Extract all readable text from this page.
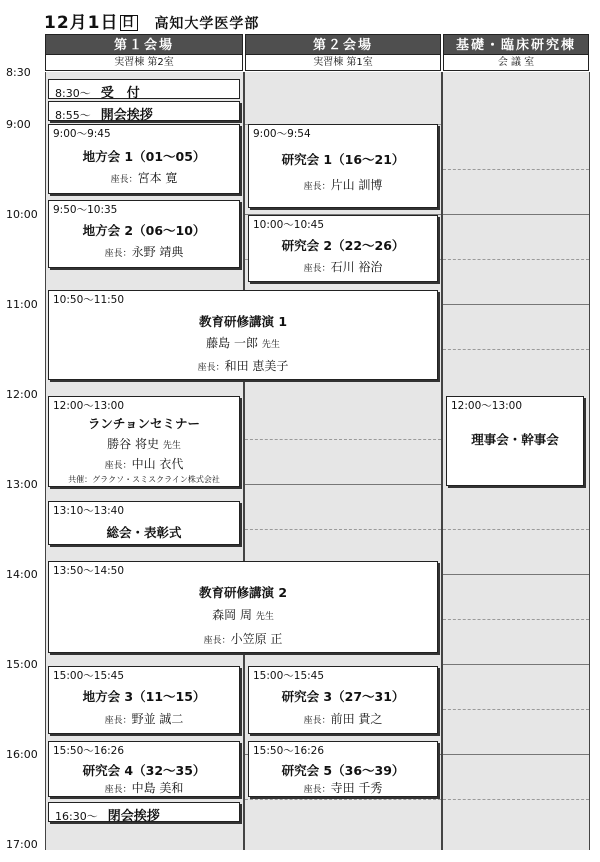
12月1日 日 高知大学医学部
第１会場
実習棟 第2室
第２会場
実習棟 第1室
基礎・臨床研究棟
会 議 室
8:30
9:00
10:00
11:00
12:00
13:00
14:00
15:00
16:00
17:00
8:30〜 受　付
8:55〜 開会挨拶
9:00〜9:45
地方会 1（01〜05）
座長：宮本 寛
9:50〜10:35
地方会 2（06〜10）
座長：永野 靖典
9:00〜9:54
研究会 1（16〜21）
座長：片山 訓博
10:00〜10:45
研究会 2（22〜26）
座長：石川 裕治
10:50〜11:50
教育研修講演 1
藤島 一郎 先生
座長：和田 恵美子
12:00〜13:00
ランチョンセミナー
勝谷 将史 先生
座長：中山 衣代
共催：グラクソ・スミスクライン株式会社
12:00〜13:00
理事会・幹事会
13:10〜13:40
総会・表彰式
13:50〜14:50
教育研修講演 2
森岡 周 先生
座長：小笠原 正
15:00〜15:45
地方会 3（11〜15）
座長：野並 誠二
15:00〜15:45
研究会 3（27〜31）
座長：前田 貴之
15:50〜16:26
研究会 4（32〜35）
座長：中島 美和
15:50〜16:26
研究会 5（36〜39）
座長：寺田 千秀
16:30〜 閉会挨拶
